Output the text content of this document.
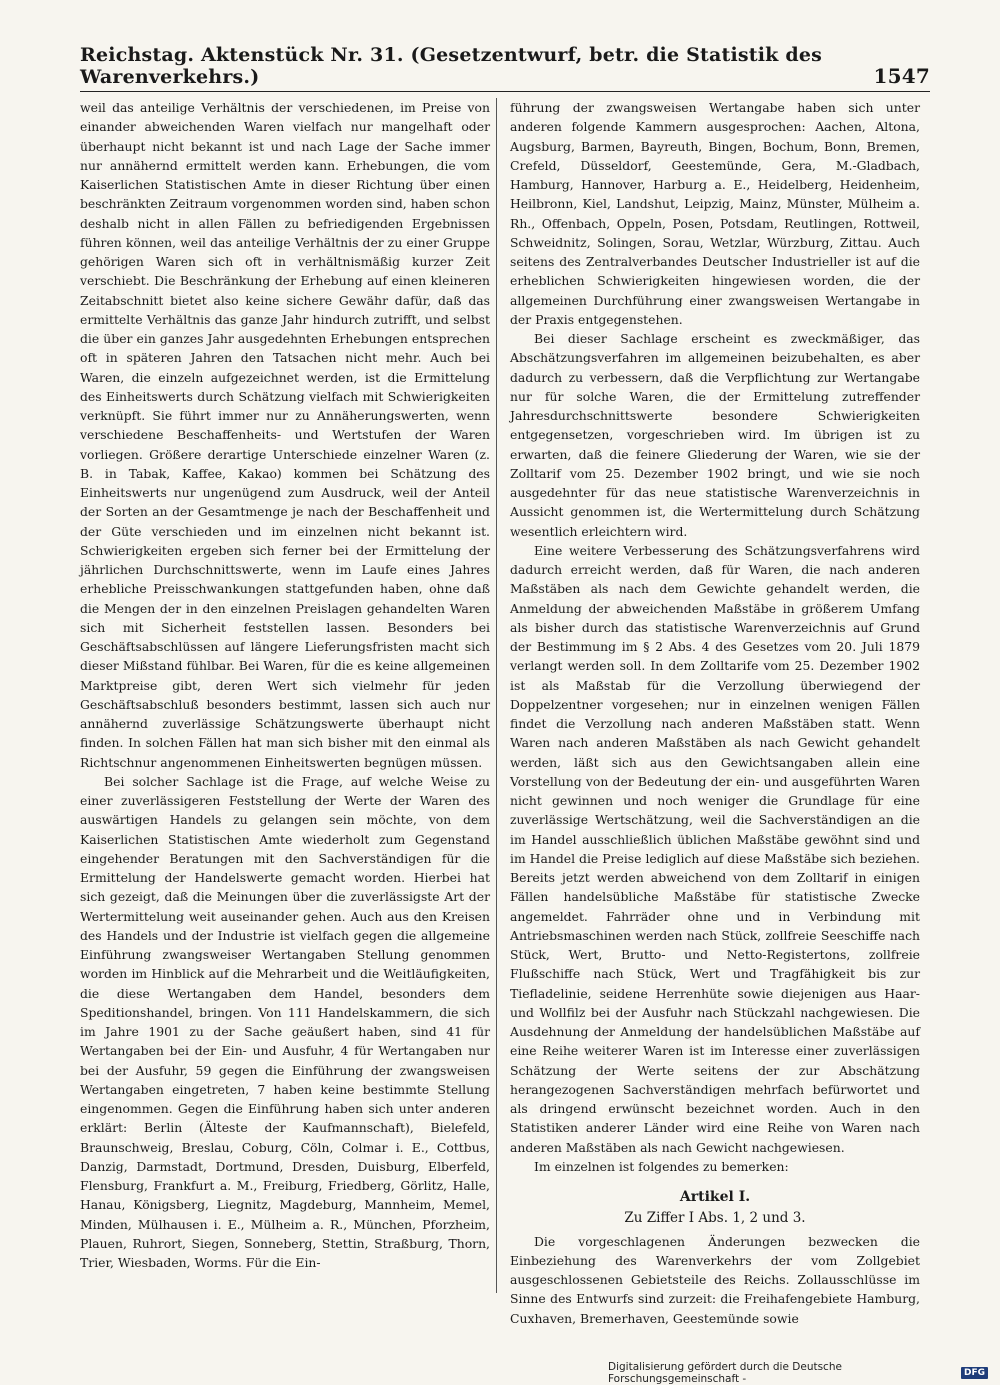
Reichstag. Aktenstück Nr. 31. (Gesetzentwurf, betr. die Statistik des Warenverkehrs.)	1547

weil das anteilige Verhältnis der verschiedenen, im Preise von einander abweichenden Waren vielfach nur mangelhaft oder überhaupt nicht bekannt ist und nach Lage der Sache immer nur annähernd ermittelt werden kann. Erhebungen, die vom Kaiserlichen Statistischen Amte in dieser Richtung über einen beschränkten Zeitraum vorgenommen worden sind, haben schon deshalb nicht in allen Fällen zu befriedigenden Ergebnissen führen können, weil das anteilige Verhältnis der zu einer Gruppe gehörigen Waren sich oft in verhältnismäßig kurzer Zeit verschiebt. Die Beschränkung der Erhebung auf einen kleineren Zeitabschnitt bietet also keine sichere Gewähr dafür, daß das ermittelte Verhältnis das ganze Jahr hindurch zutrifft, und selbst die über ein ganzes Jahr ausgedehnten Erhebungen entsprechen oft in späteren Jahren den Tatsachen nicht mehr. Auch bei Waren, die einzeln aufgezeichnet werden, ist die Ermittelung des Einheitswerts durch Schätzung vielfach mit Schwierigkeiten verknüpft. Sie führt immer nur zu Annäherungswerten, wenn verschiedene Beschaffenheits- und Wertstufen der Waren vorliegen. Größere derartige Unterschiede einzelner Waren (z. B. in Tabak, Kaffee, Kakao) kommen bei Schätzung des Einheitswerts nur ungenügend zum Ausdruck, weil der Anteil der Sorten an der Gesamtmenge je nach der Beschaffenheit und der Güte verschieden und im einzelnen nicht bekannt ist. Schwierigkeiten ergeben sich ferner bei der Ermittelung der jährlichen Durchschnittswerte, wenn im Laufe eines Jahres erhebliche Preisschwankungen stattgefunden haben, ohne daß die Mengen der in den einzelnen Preislagen gehandelten Waren sich mit Sicherheit feststellen lassen. Besonders bei Geschäftsabschlüssen auf längere Lieferungsfristen macht sich dieser Mißstand fühlbar. Bei Waren, für die es keine allgemeinen Marktpreise gibt, deren Wert sich vielmehr für jeden Geschäftsabschluß besonders bestimmt, lassen sich auch nur annähernd zuverlässige Schätzungswerte überhaupt nicht finden. In solchen Fällen hat man sich bisher mit den einmal als Richtschnur angenommenen Einheitswerten begnügen müssen.

Bei solcher Sachlage ist die Frage, auf welche Weise zu einer zuverlässigeren Feststellung der Werte der Waren des auswärtigen Handels zu gelangen sein möchte, von dem Kaiserlichen Statistischen Amte wiederholt zum Gegenstand eingehender Beratungen mit den Sachverständigen für die Ermittelung der Handelswerte gemacht worden. Hierbei hat sich gezeigt, daß die Meinungen über die zuverlässigste Art der Wertermittelung weit auseinander gehen. Auch aus den Kreisen des Handels und der Industrie ist vielfach gegen die allgemeine Einführung zwangsweiser Wertangaben Stellung genommen worden im Hinblick auf die Mehrarbeit und die Weitläufigkeiten, die diese Wertangaben dem Handel, besonders dem Speditionshandel, bringen. Von 111 Handelskammern, die sich im Jahre 1901 zu der Sache geäußert haben, sind 41 für Wertangaben bei der Ein- und Ausfuhr, 4 für Wertangaben nur bei der Ausfuhr, 59 gegen die Einführung der zwangsweisen Wertangaben eingetreten, 7 haben keine bestimmte Stellung eingenommen. Gegen die Einführung haben sich unter anderen erklärt: Berlin (Älteste der Kaufmannschaft), Bielefeld, Braunschweig, Breslau, Coburg, Cöln, Colmar i. E., Cottbus, Danzig, Darmstadt, Dortmund, Dresden, Duisburg, Elberfeld, Flensburg, Frankfurt a. M., Freiburg, Friedberg, Görlitz, Halle, Hanau, Königsberg, Liegnitz, Magdeburg, Mannheim, Memel, Minden, Mülhausen i. E., Mülheim a. R., München, Pforzheim, Plauen, Ruhrort, Siegen, Sonneberg, Stettin, Straßburg, Thorn, Trier, Wiesbaden, Worms. Für die Ein-

führung der zwangsweisen Wertangabe haben sich unter anderen folgende Kammern ausgesprochen: Aachen, Altona, Augsburg, Barmen, Bayreuth, Bingen, Bochum, Bonn, Bremen, Crefeld, Düsseldorf, Geestemünde, Gera, M.-Gladbach, Hamburg, Hannover, Harburg a. E., Heidelberg, Heidenheim, Heilbronn, Kiel, Landshut, Leipzig, Mainz, Münster, Mülheim a. Rh., Offenbach, Oppeln, Posen, Potsdam, Reutlingen, Rottweil, Schweidnitz, Solingen, Sorau, Wetzlar, Würzburg, Zittau. Auch seitens des Zentralverbandes Deutscher Industrieller ist auf die erheblichen Schwierigkeiten hingewiesen worden, die der allgemeinen Durchführung einer zwangsweisen Wertangabe in der Praxis entgegenstehen.

Bei dieser Sachlage erscheint es zweckmäßiger, das Abschätzungsverfahren im allgemeinen beizubehalten, es aber dadurch zu verbessern, daß die Verpflichtung zur Wertangabe nur für solche Waren, die der Ermittelung zutreffender Jahresdurchschnittswerte besondere Schwierigkeiten entgegensetzen, vorgeschrieben wird. Im übrigen ist zu erwarten, daß die feinere Gliederung der Waren, wie sie der Zolltarif vom 25. Dezember 1902 bringt, und wie sie noch ausgedehnter für das neue statistische Warenverzeichnis in Aussicht genommen ist, die Wertermittelung durch Schätzung wesentlich erleichtern wird.

Eine weitere Verbesserung des Schätzungsverfahrens wird dadurch erreicht werden, daß für Waren, die nach anderen Maßstäben als nach dem Gewichte gehandelt werden, die Anmeldung der abweichenden Maßstäbe in größerem Umfang als bisher durch das statistische Warenverzeichnis auf Grund der Bestimmung im § 2 Abs. 4 des Gesetzes vom 20. Juli 1879 verlangt werden soll. In dem Zolltarife vom 25. Dezember 1902 ist als Maßstab für die Verzollung überwiegend der Doppelzentner vorgesehen; nur in einzelnen wenigen Fällen findet die Verzollung nach anderen Maßstäben statt. Wenn Waren nach anderen Maßstäben als nach Gewicht gehandelt werden, läßt sich aus den Gewichtsangaben allein eine Vorstellung von der Bedeutung der ein- und ausgeführten Waren nicht gewinnen und noch weniger die Grundlage für eine zuverlässige Wertschätzung, weil die Sachverständigen an die im Handel ausschließlich üblichen Maßstäbe gewöhnt sind und im Handel die Preise lediglich auf diese Maßstäbe sich beziehen. Bereits jetzt werden abweichend von dem Zolltarif in einigen Fällen handelsübliche Maßstäbe für statistische Zwecke angemeldet. Fahrräder ohne und in Verbindung mit Antriebsmaschinen werden nach Stück, zollfreie Seeschiffe nach Stück, Wert, Brutto- und Netto-Registertons, zollfreie Flußschiffe nach Stück, Wert und Tragfähigkeit bis zur Tiefladelinie, seidene Herrenhüte sowie diejenigen aus Haar- und Wollfilz bei der Ausfuhr nach Stückzahl nachgewiesen. Die Ausdehnung der Anmeldung der handelsüblichen Maßstäbe auf eine Reihe weiterer Waren ist im Interesse einer zuverlässigen Schätzung der Werte seitens der zur Abschätzung herangezogenen Sachverständigen mehrfach befürwortet und als dringend erwünscht bezeichnet worden. Auch in den Statistiken anderer Länder wird eine Reihe von Waren nach anderen Maßstäben als nach Gewicht nachgewiesen.

Im einzelnen ist folgendes zu bemerken:

Artikel I.
Zu Ziffer I Abs. 1, 2 und 3.

Die vorgeschlagenen Änderungen bezwecken die Einbeziehung des Warenverkehrs der vom Zollgebiet ausgeschlossenen Gebietsteile des Reichs. Zollausschlüsse im Sinne des Entwurfs sind zurzeit: die Freihafengebiete Hamburg, Cuxhaven, Bremerhaven, Geestemünde sowie

Digitalisierung gefördert durch die Deutsche Forschungsgemeinschaft -	DFG
